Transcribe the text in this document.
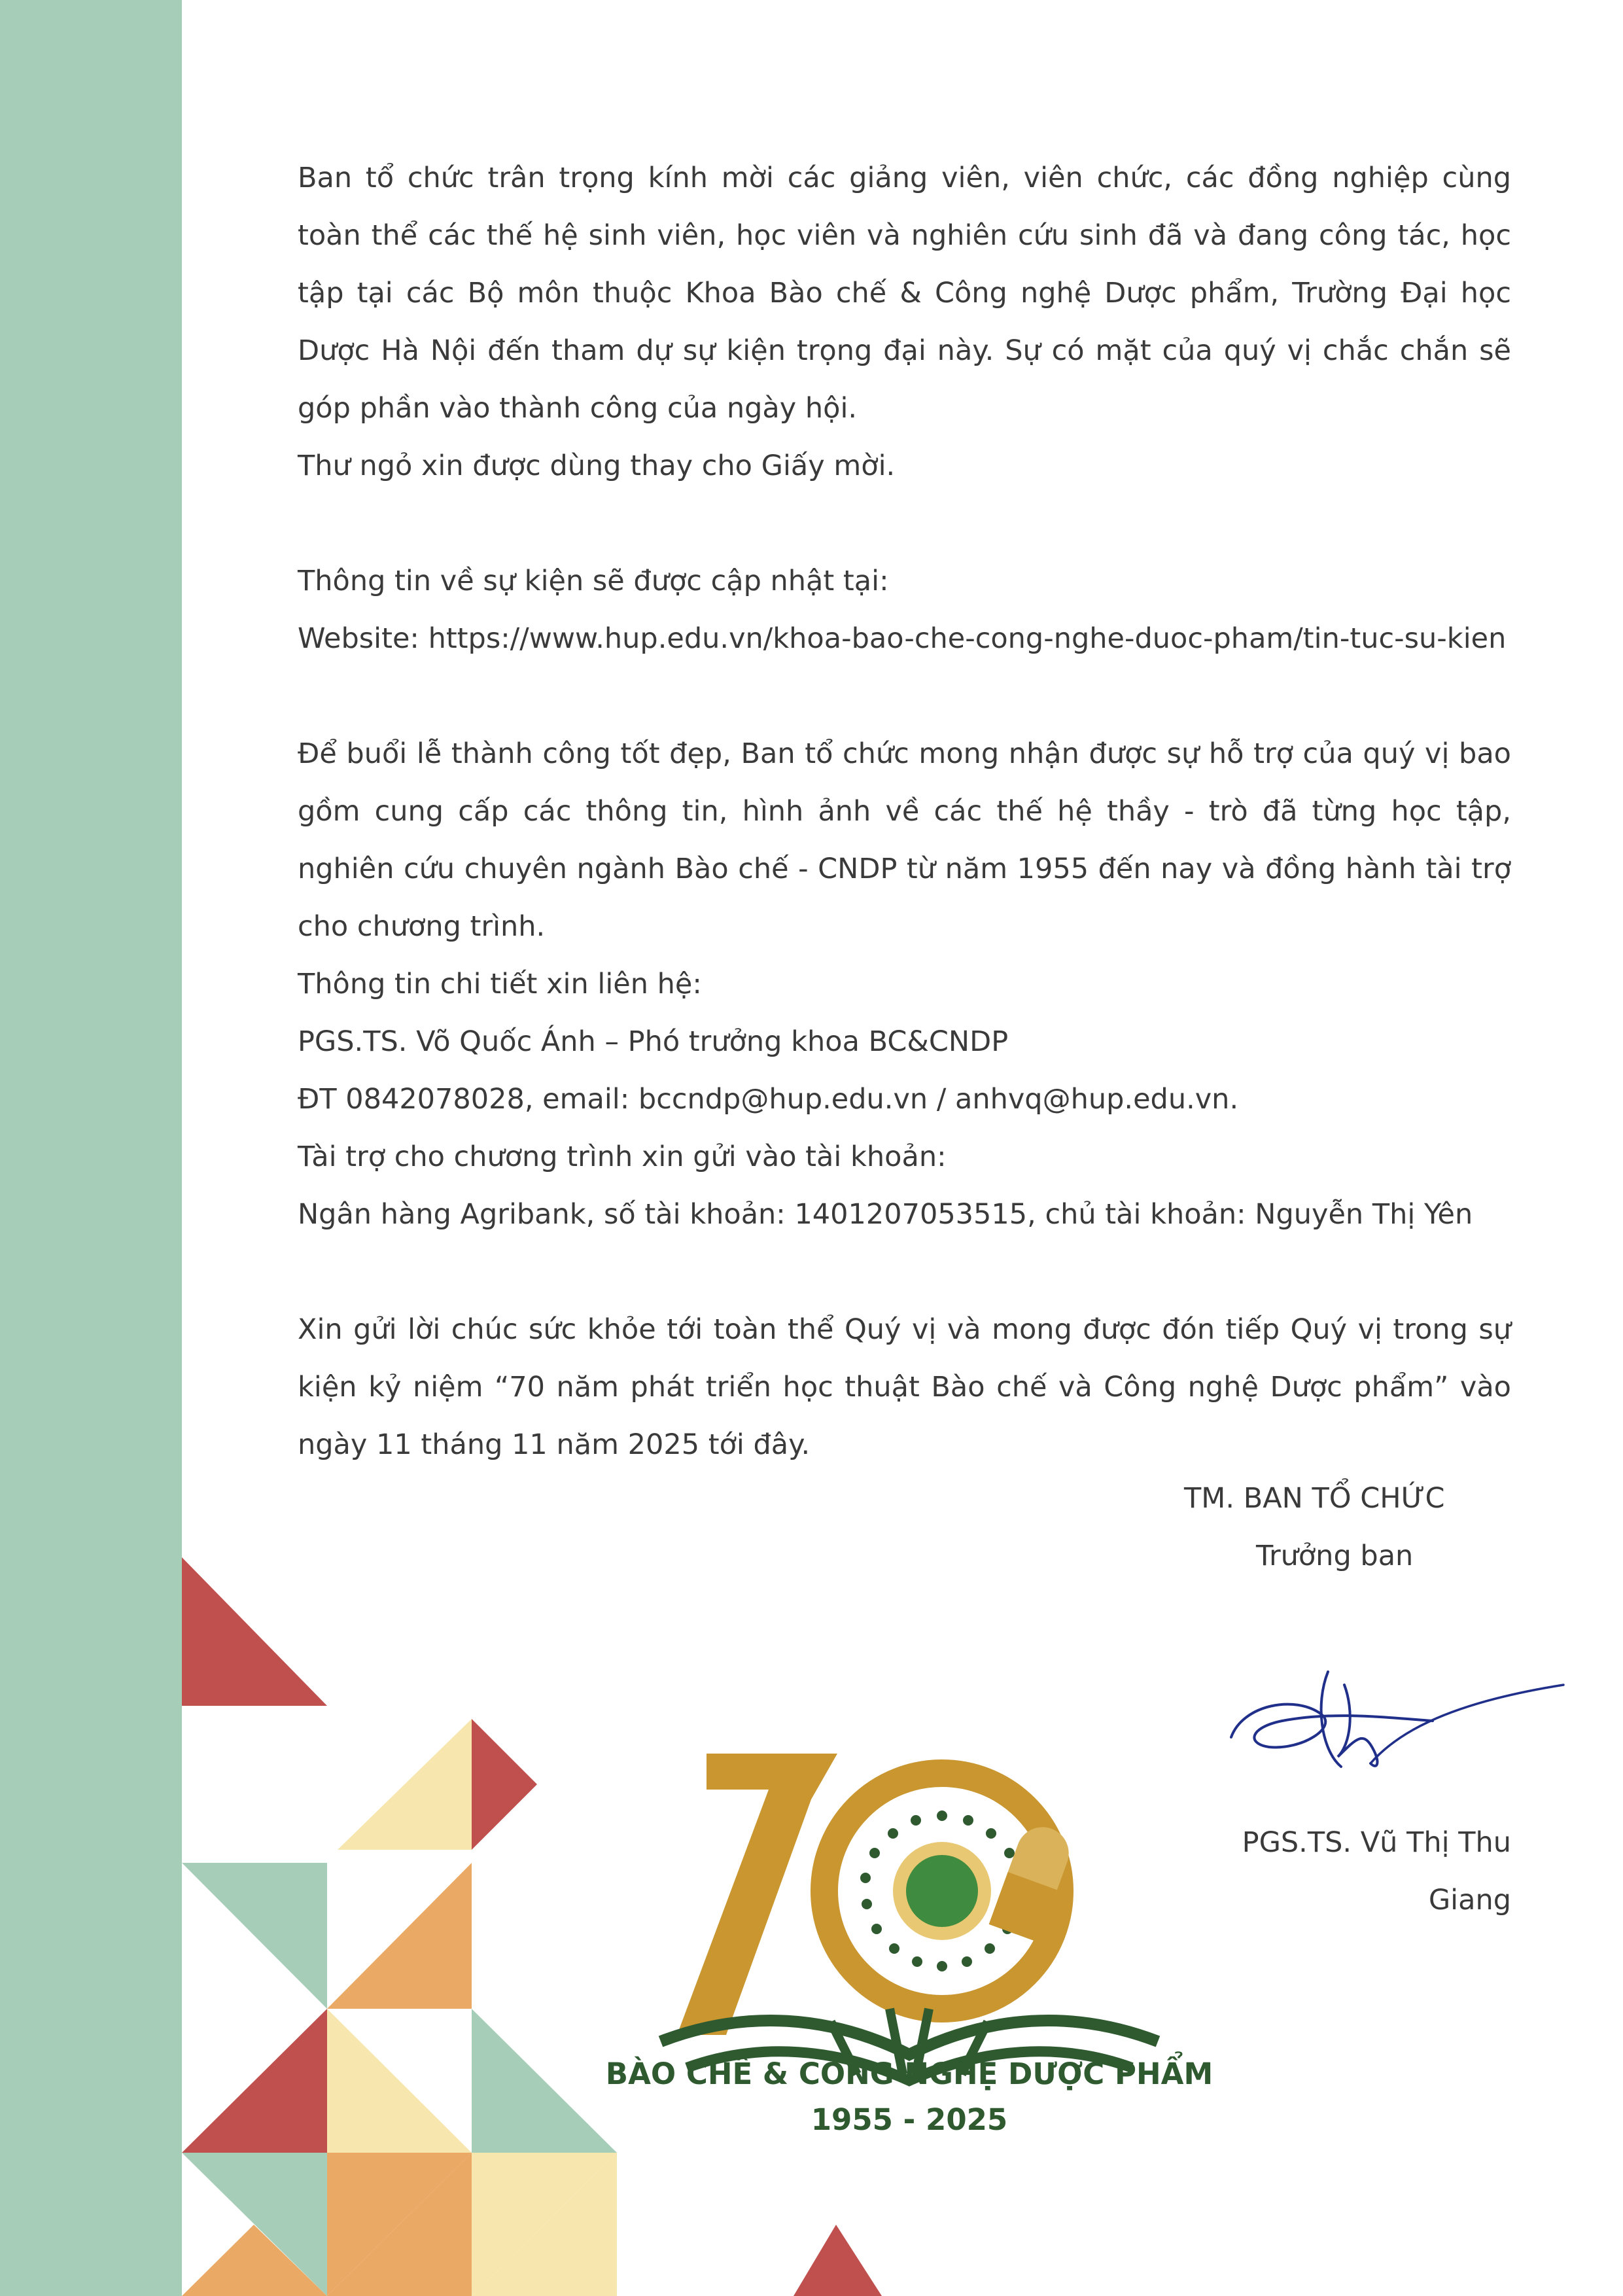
Ban tổ chức trân trọng kính mời các giảng viên, viên chức, các đồng nghiệp cùng toàn thể các thế hệ sinh viên, học viên và nghiên cứu sinh đã và đang công tác, học tập tại các Bộ môn thuộc Khoa Bào chế & Công nghệ Dược phẩm, Trường Đại học Dược Hà Nội đến tham dự sự kiện trọng đại này. Sự có mặt của quý vị chắc chắn sẽ góp phần vào thành công của ngày hội.

Thư ngỏ xin được dùng thay cho Giấy mời.

Thông tin về sự kiện sẽ được cập nhật tại:

Website: https://www.hup.edu.vn/khoa-bao-che-cong-nghe-duoc-pham/tin-tuc-su-kien

Để buổi lễ thành công tốt đẹp, Ban tổ chức mong nhận được sự hỗ trợ của quý vị bao gồm cung cấp các thông tin, hình ảnh về các thế hệ thầy - trò đã từng học tập, nghiên cứu chuyên ngành Bào chế - CNDP từ năm 1955 đến nay và đồng hành tài trợ cho chương trình.

Thông tin chi tiết xin liên hệ:

PGS.TS. Võ Quốc Ánh – Phó trưởng khoa BC&CNDP

ĐT 0842078028, email: bccndp@hup.edu.vn / anhvq@hup.edu.vn.

Tài trợ cho chương trình xin gửi vào tài khoản:

Ngân hàng Agribank, số tài khoản: 1401207053515, chủ tài khoản: Nguyễn Thị Yên

Xin gửi lời chúc sức khỏe tới toàn thể Quý vị và mong được đón tiếp Quý vị trong sự kiện kỷ niệm “70 năm phát triển học thuật Bào chế và Công nghệ Dược phẩm” vào ngày 11 tháng 11 năm 2025 tới đây.

TM. BAN TỔ CHỨC

Trưởng ban

PGS.TS. Vũ Thị Thu Giang

BÀO CHẾ & CÔNG NGHỆ DƯỢC PHẨM
1955 - 2025
